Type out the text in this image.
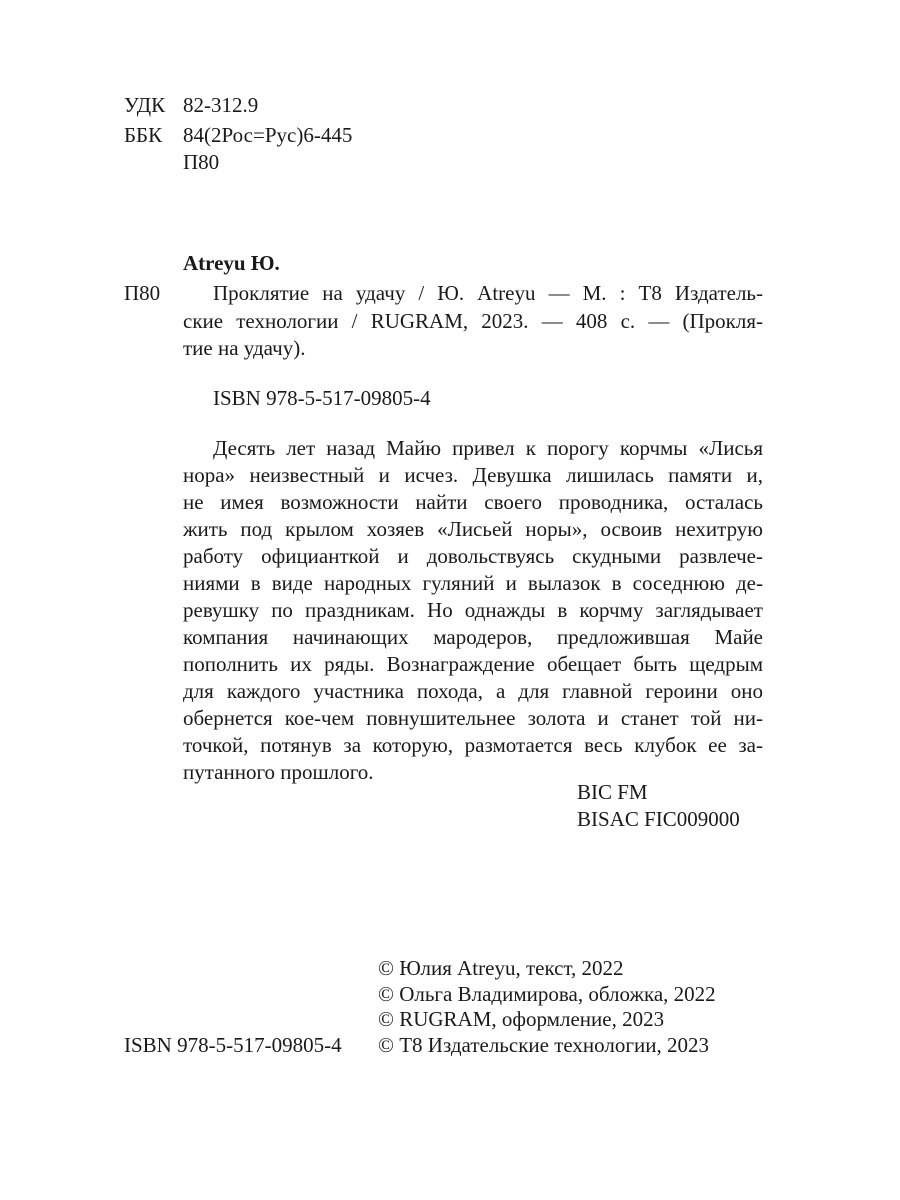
УДК 82-312.9
ББК 84(2Рос=Рус)6-445
П80
Atreyu Ю.
П80	Проклятие на удачу / Ю. Atreyu — М. : Т8 Издатель-
ские технологии / RUGRAM, 2023. — 408 с. — (Прокля-
тие на удачу).
ISBN 978-5-517-09805-4
Десять лет назад Майю привел к порогу корчмы «Лисья
нора» неизвестный и исчез. Девушка лишилась памяти и,
не имея возможности найти своего проводника, осталась
жить под крылом хозяев «Лисьей норы», освоив нехитрую
работу официанткой и довольствуясь скудными развлече-
ниями в виде народных гуляний и вылазок в соседнюю де-
ревушку по праздникам. Но однажды в корчму заглядывает
компания начинающих мародеров, предложившая Майе
пополнить их ряды. Вознаграждение обещает быть щедрым
для каждого участника похода, а для главной героини оно
обернется кое-чем повнушительнее золота и станет той ни-
точкой, потянув за которую, размотается весь клубок ее за-
путанного прошлого.
BIC FM
BISAC FIC009000
© Юлия Atreyu, текст, 2022
© Ольга Владимирова, обложка, 2022
© RUGRAM, оформление, 2023
© Т8 Издательские технологии, 2023
ISBN 978-5-517-09805-4
